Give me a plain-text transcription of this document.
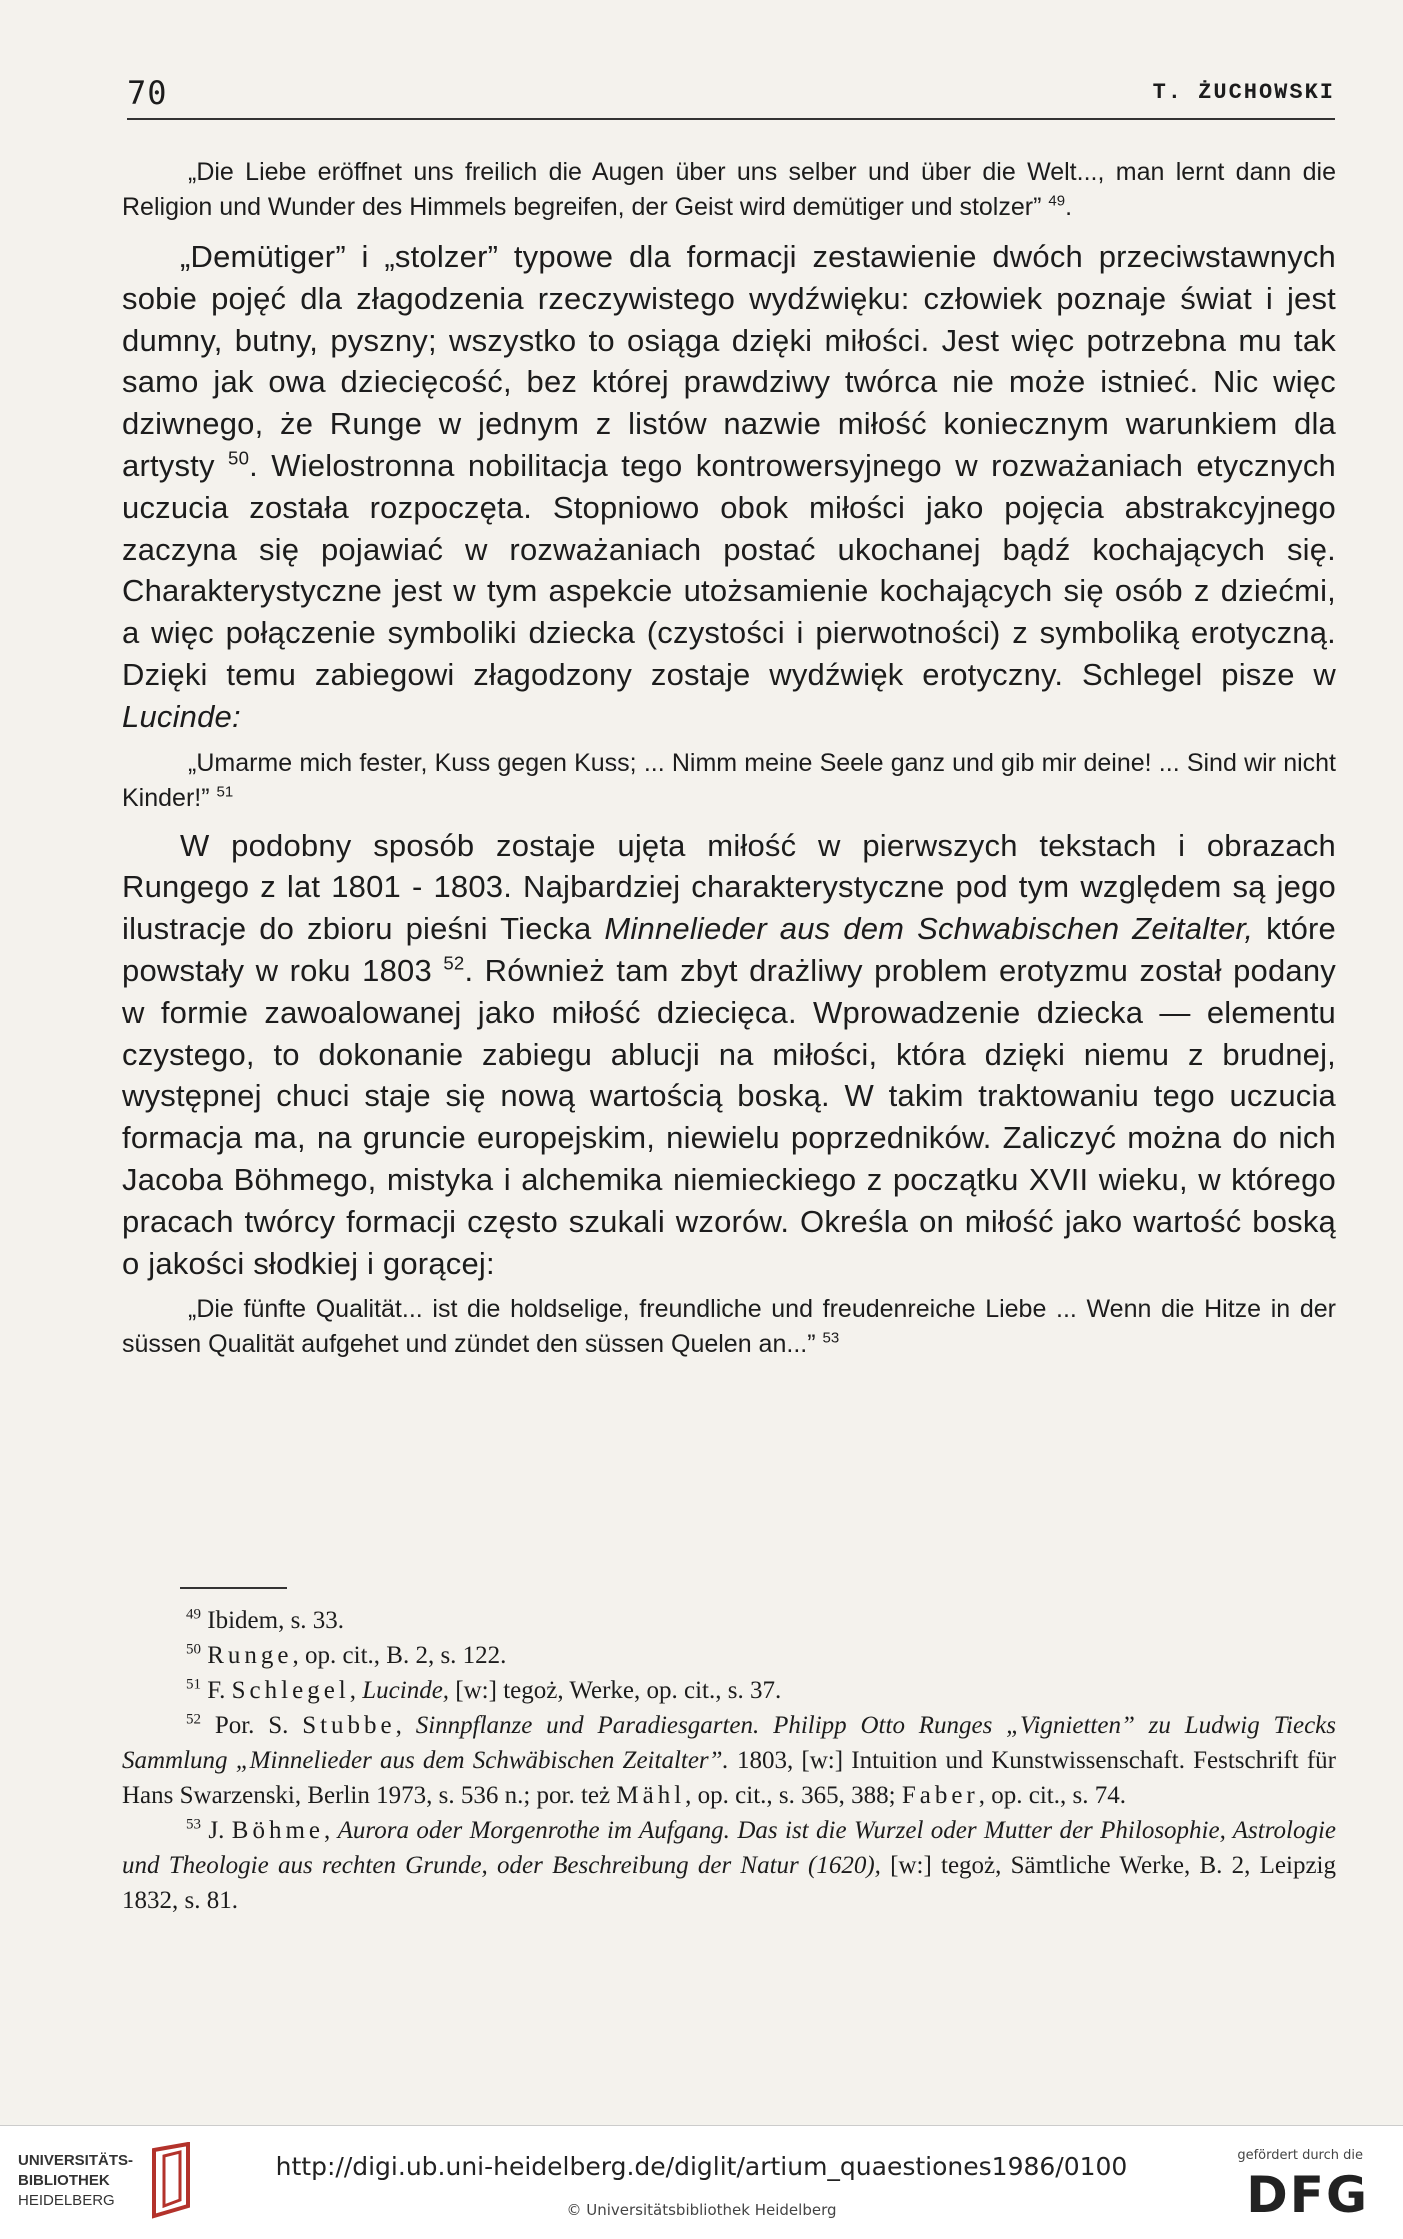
70	T. ŻUCHOWSKI

„Die Liebe eröffnet uns freilich die Augen über uns selber und über die Welt..., man lernt dann die Religion und Wunder des Himmels begreifen, der Geist wird demütiger und stolzer” $^{49}$.

„Demütiger” i „stolzer” typowe dla formacji zestawienie dwóch przeciwstawnych sobie pojęć dla złagodzenia rzeczywistego wydźwięku: człowiek poznaje świat i jest dumny, butny, pyszny; wszystko to osiąga dzięki miłości. Jest więc potrzebna mu tak samo jak owa dziecięcość, bez której prawdziwy twórca nie może istnieć. Nic więc dziwnego, że Runge w jednym z listów nazwie miłość koniecznym warunkiem dla artysty $^{50}$. Wielostronna nobilitacja tego kontrowersyjnego w rozważaniach etycznych uczucia została rozpoczęta. Stopniowo obok miłości jako pojęcia abstrakcyjnego zaczyna się pojawiać w rozważaniach postać ukochanej bądź kochających się. Charakterystyczne jest w tym aspekcie utożsamienie kochających się osób z dziećmi, a więc połączenie symboliki dziecka (czystości i pierwotności) z symboliką erotyczną. Dzięki temu zabiegowi złagodzony zostaje wydźwięk erotyczny. Schlegel pisze w Lucinde:

„Umarme mich fester, Kuss gegen Kuss; ... Nimm meine Seele ganz und gib mir deine! ... Sind wir nicht Kinder!” $^{51}$

W podobny sposób zostaje ujęta miłość w pierwszych tekstach i obrazach Rungego z lat 1801 - 1803. Najbardziej charakterystyczne pod tym względem są jego ilustracje do zbioru pieśni Tiecka Minnelieder aus dem Schwabischen Zeitalter, które powstały w roku 1803 $^{52}$. Również tam zbyt drażliwy problem erotyzmu został podany w formie zawoalowanej jako miłość dziecięca. Wprowadzenie dziecka — elementu czystego, to dokonanie zabiegu ablucji na miłości, która dzięki niemu z brudnej, występnej chuci staje się nową wartością boską. W takim traktowaniu tego uczucia formacja ma, na gruncie europejskim, niewielu poprzedników. Zaliczyć można do nich Jacoba Böhmego, mistyka i alchemika niemieckiego z początku XVII wieku, w którego pracach twórcy formacji często szukali wzorów. Określa on miłość jako wartość boską o jakości słodkiej i gorącej:

„Die fünfte Qualität... ist die holdselige, freundliche und freudenreiche Liebe ... Wenn die Hitze in der süssen Qualität aufgehet und zündet den süssen Quelen an...” $^{53}$

$^{49}$ Ibidem, s. 33.

$^{50}$ Runge, op. cit., B. 2, s. 122.

$^{51}$ F. Schlegel, Lucinde, [w:] tegoż, Werke, op. cit., s. 37.

$^{52}$ Por. S. Stubbe, Sinnpflanze und Paradiesgarten. Philipp Otto Runges „Vignietten” zu Ludwig Tiecks Sammlung „Minnelieder aus dem Schwäbischen Zeitalter”. 1803, [w:] Intuition und Kunstwissenschaft. Festschrift für Hans Swarzenski, Berlin 1973, s. 536 n.; por. też Mähl, op. cit., s. 365, 388; Faber, op. cit., s. 74.

$^{53}$ J. Böhme, Aurora oder Morgenrothe im Aufgang. Das ist die Wurzel oder Mutter der Philosophie, Astrologie und Theologie aus rechten Grunde, oder Beschreibung der Natur (1620), [w:] tegoż, Sämtliche Werke, B. 2, Leipzig 1832, s. 81.

UNIVERSITÄTS-
BIBLIOTHEK
HEIDELBERG
http://digi.ub.uni-heidelberg.de/diglit/artium_quaestiones1986/0100
© Universitätsbibliothek Heidelberg
gefördert durch die
DFG
